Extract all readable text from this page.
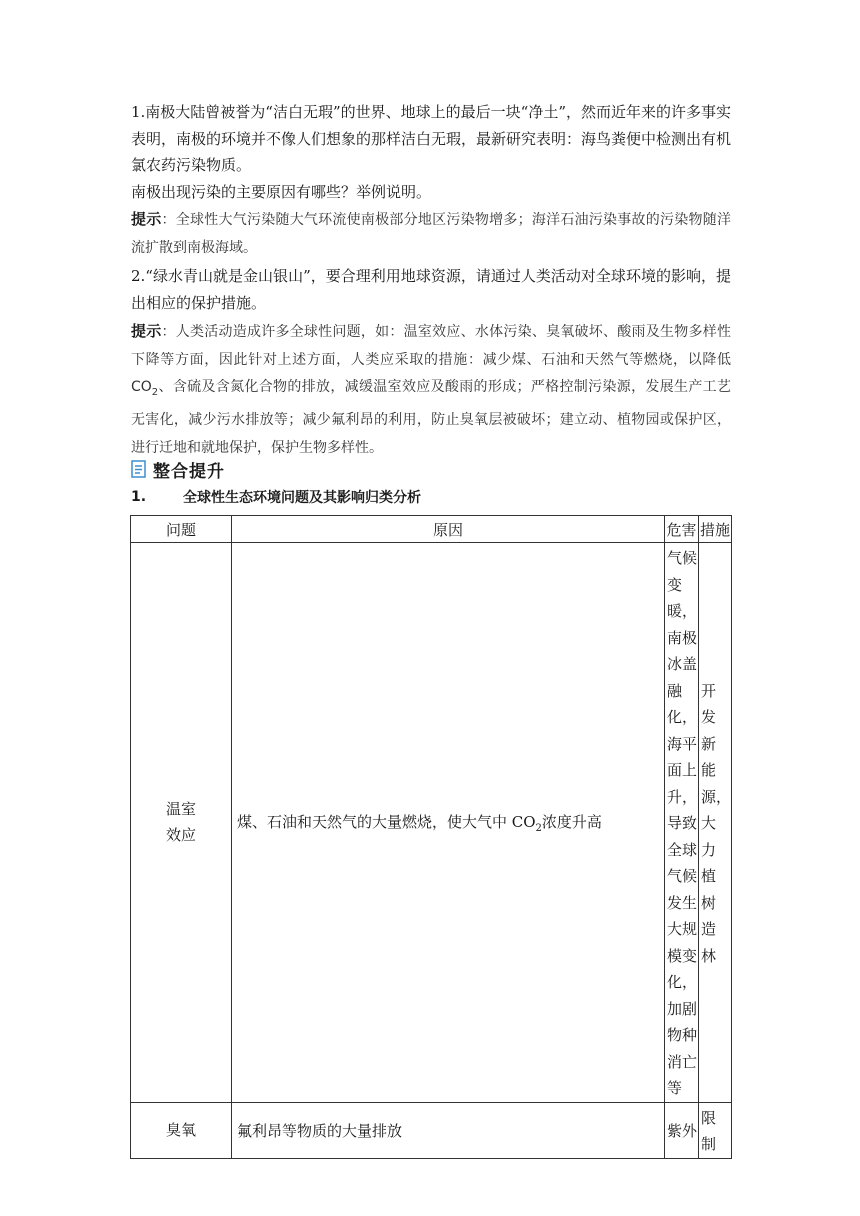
1.南极大陆曾被誉为“洁白无瑕”的世界、地球上的最后一块“净土”，然而近年来的许多事实表明，南极的环境并不像人们想象的那样洁白无瑕，最新研究表明：海鸟粪便中检测出有机氯农药污染物质。
南极出现污染的主要原因有哪些？举例说明。

提示：全球性大气污染随大气环流使南极部分地区污染物增多；海洋石油污染事故的污染物随洋流扩散到南极海域。

2.“绿水青山就是金山银山”，要合理利用地球资源，请通过人类活动对全球环境的影响，提出相应的保护措施。

提示：人类活动造成许多全球性问题，如：温室效应、水体污染、臭氧破坏、酸雨及生物多样性下降等方面，因此针对上述方面，人类应采取的措施：减少煤、石油和天然气等燃烧，以降低 $CO_2$、含硫及含氮化合物的排放，减缓温室效应及酸雨的形成；严格控制污染源，发展生产工艺无害化，减少污水排放等；减少氟利昂的利用，防止臭氧层被破坏；建立动、植物园或保护区，进行迁地和就地保护，保护生物多样性。

整合提升
1.	全球性生态环境问题及其影响归类分析
问题	原因	危害	措施
温室
效应	煤、石油和天然气的大量燃烧，使大气中 $CO_2$浓度升高	气候变暖，南极冰盖融化，海平面上升，导致全球气候发生大规模变化，加剧物种消亡等	开发新能源，大力植树造林
臭氧	氟利昂等物质的大量排放	紫外	限制
